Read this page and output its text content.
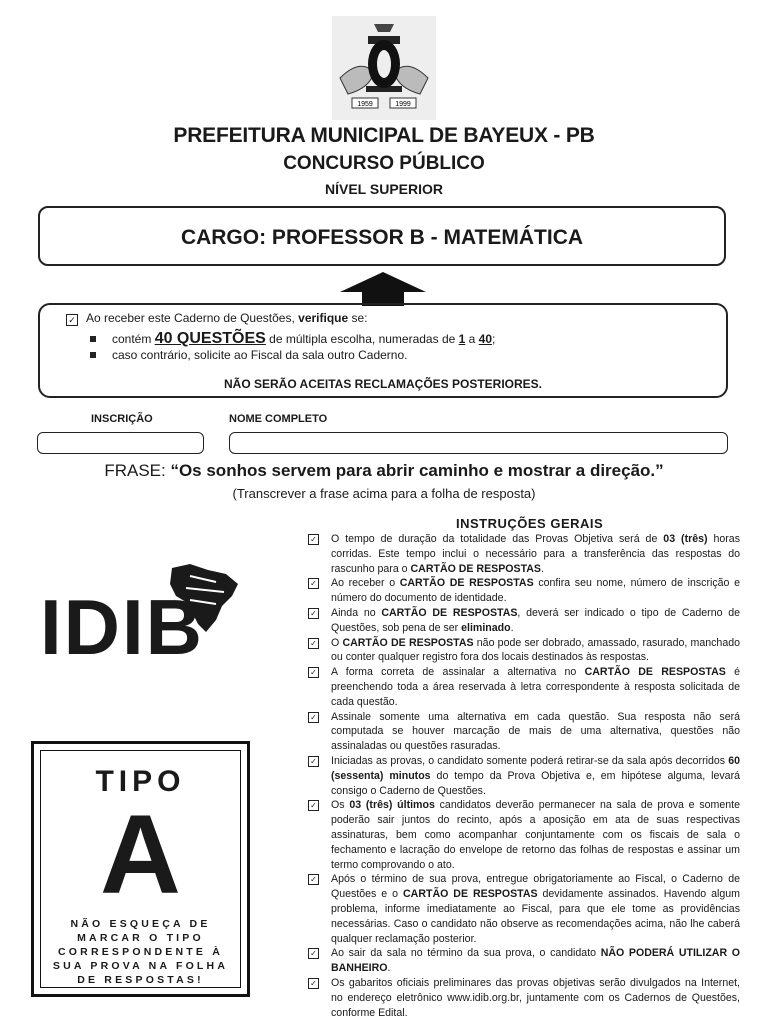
1959	1999
PREFEITURA MUNICIPAL DE BAYEUX - PB
CONCURSO PÚBLICO
NÍVEL SUPERIOR
CARGO: PROFESSOR B - MATEMÁTICA
✓ Ao receber este Caderno de Questões, verifique se:
contém 40 QUESTÕES de múltipla escolha, numeradas de 1 a 40;
caso contrário, solicite ao Fiscal da sala outro Caderno.
NÃO SERÃO ACEITAS RECLAMAÇÕES POSTERIORES.
INSCRIÇÃO	NOME COMPLETO
FRASE: “Os sonhos servem para abrir caminho e mostrar a direção.”
(Transcrever a frase acima para a folha de resposta)
IDIB
TIPO
A
NÃO ESQUEÇA DE MARCAR O TIPO CORRESPONDENTE À SUA PROVA NA FOLHA DE RESPOSTAS!
INSTRUÇÕES GERAIS
✓ O tempo de duração da totalidade das Provas Objetiva será de 03 (três) horas corridas. Este tempo inclui o necessário para a transferência das respostas do rascunho para o CARTÃO DE RESPOSTAS.
✓ Ao receber o CARTÃO DE RESPOSTAS confira seu nome, número de inscrição e número do documento de identidade.
✓ Ainda no CARTÃO DE RESPOSTAS, deverá ser indicado o tipo de Caderno de Questões, sob pena de ser eliminado.
✓ O CARTÃO DE RESPOSTAS não pode ser dobrado, amassado, rasurado, manchado ou conter qualquer registro fora dos locais destinados às respostas.
✓ A forma correta de assinalar a alternativa no CARTÃO DE RESPOSTAS é preenchendo toda a área reservada à letra correspondente à resposta solicitada de cada questão.
✓ Assinale somente uma alternativa em cada questão. Sua resposta não será computada se houver marcação de mais de uma alternativa, questões não assinaladas ou questões rasuradas.
✓ Iniciadas as provas, o candidato somente poderá retirar-se da sala após decorridos 60 (sessenta) minutos do tempo da Prova Objetiva e, em hipótese alguma, levará consigo o Caderno de Questões.
✓ Os 03 (três) últimos candidatos deverão permanecer na sala de prova e somente poderão sair juntos do recinto, após a aposição em ata de suas respectivas assinaturas, bem como acompanhar conjuntamente com os fiscais de sala o fechamento e lacração do envelope de retorno das folhas de respostas e assinar um termo comprovando o ato.
✓ Após o término de sua prova, entregue obrigatoriamente ao Fiscal, o Caderno de Questões e o CARTÃO DE RESPOSTAS devidamente assinados. Havendo algum problema, informe imediatamente ao Fiscal, para que ele tome as providências necessárias. Caso o candidato não observe as recomendações acima, não lhe caberá qualquer reclamação posterior.
✓ Ao sair da sala no término da sua prova, o candidato NÃO PODERÁ UTILIZAR O BANHEIRO.
✓ Os gabaritos oficiais preliminares das provas objetivas serão divulgados na Internet, no endereço eletrônico www.idib.org.br, juntamente com os Cadernos de Questões, conforme Edital.
